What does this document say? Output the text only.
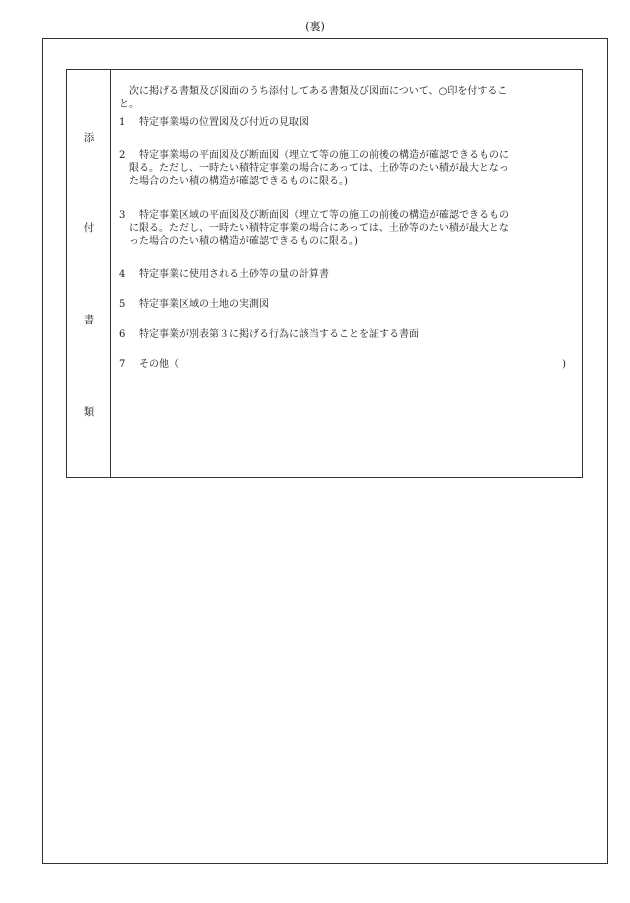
(裏)
添
付
書
類

　次に掲げる書類及び図面のうち添付してある書類及び図面について、○印を付するこ
と。

1 特定事業場の位置図及び付近の見取図

2 特定事業場の平面図及び断面図（埋立て等の施工の前後の構造が確認できるものに
限る。ただし、一時たい積特定事業の場合にあっては、土砂等のたい積が最大となっ
た場合のたい積の構造が確認できるものに限る。)

3 特定事業区域の平面図及び断面図（埋立て等の施工の前後の構造が確認できるもの
に限る。ただし、一時たい積特定事業の場合にあっては、土砂等のたい積が最大とな
った場合のたい積の構造が確認できるものに限る。)

4 特定事業に使用される土砂等の量の計算書

5 特定事業区域の土地の実測図

6 特定事業が別表第３に掲げる行為に該当することを証する書面

7 その他（	)
